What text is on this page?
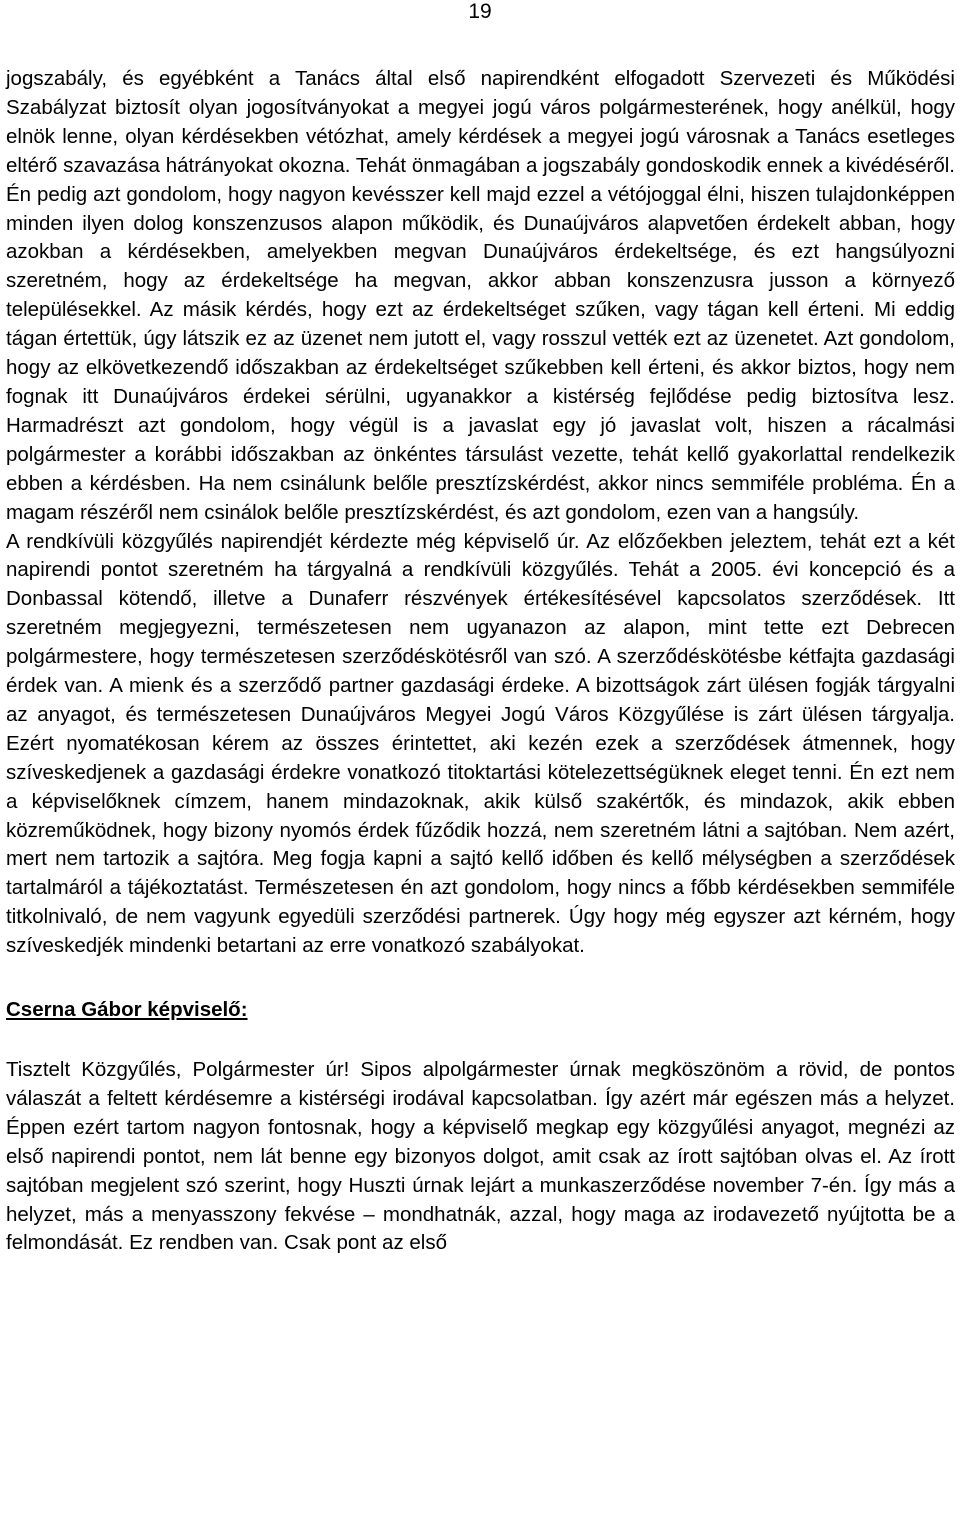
19

jogszabály, és egyébként a Tanács által első napirendként elfogadott Szervezeti és Működési Szabályzat biztosít olyan jogosítványokat a megyei jogú város polgármesterének, hogy anélkül, hogy elnök lenne, olyan kérdésekben vétózhat, amely kérdések a megyei jogú városnak a Tanács esetleges eltérő szavazása hátrányokat okozna. Tehát önmagában a jogszabály gondoskodik ennek a kivédéséről. Én pedig azt gondolom, hogy nagyon kevésszer kell majd ezzel a vétójoggal élni, hiszen tulajdonképpen minden ilyen dolog konszenzusos alapon működik, és Dunaújváros alapvetően érdekelt abban, hogy azokban a kérdésekben, amelyekben megvan Dunaújváros érdekeltsége, és ezt hangsúlyozni szeretném, hogy az érdekeltsége ha megvan, akkor abban konszenzusra jusson a környező településekkel. Az másik kérdés, hogy ezt az érdekeltséget szűken, vagy tágan kell érteni. Mi eddig tágan értettük, úgy látszik ez az üzenet nem jutott el, vagy rosszul vették ezt az üzenetet. Azt gondolom, hogy az elkövetkezendő időszakban az érdekeltséget szűkebben kell érteni, és akkor biztos, hogy nem fognak itt Dunaújváros érdekei sérülni, ugyanakkor a kistérség fejlődése pedig biztosítva lesz. Harmadrészt azt gondolom, hogy végül is a javaslat egy jó javaslat volt, hiszen a rácalmási polgármester a korábbi időszakban az önkéntes társulást vezette, tehát kellő gyakorlattal rendelkezik ebben a kérdésben. Ha nem csinálunk belőle presztízskérdést, akkor nincs semmiféle probléma. Én a magam részéről nem csinálok belőle presztízskérdést, és azt gondolom, ezen van a hangsúly.

A rendkívüli közgyűlés napirendjét kérdezte még képviselő úr. Az előzőekben jeleztem, tehát ezt a két napirendi pontot szeretném ha tárgyalná a rendkívüli közgyűlés. Tehát a 2005. évi koncepció és a Donbassal kötendő, illetve a Dunaferr részvények értékesítésével kapcsolatos szerződések. Itt szeretném megjegyezni, természetesen nem ugyanazon az alapon, mint tette ezt Debrecen polgármestere, hogy természetesen szerződéskötésről van szó. A szerződéskötésbe kétfajta gazdasági érdek van. A mienk és a szerződő partner gazdasági érdeke. A bizottságok zárt ülésen fogják tárgyalni az anyagot, és természetesen Dunaújváros Megyei Jogú Város Közgyűlése is zárt ülésen tárgyalja. Ezért nyomatékosan kérem az összes érintettet, aki kezén ezek a szerződések átmennek, hogy szíveskedjenek a gazdasági érdekre vonatkozó titoktartási kötelezettségüknek eleget tenni. Én ezt nem a képviselőknek címzem, hanem mindazoknak, akik külső szakértők, és mindazok, akik ebben közreműködnek, hogy bizony nyomós érdek fűződik hozzá, nem szeretném látni a sajtóban. Nem azért, mert nem tartozik a sajtóra. Meg fogja kapni a sajtó kellő időben és kellő mélységben a szerződések tartalmáról a tájékoztatást. Természetesen én azt gondolom, hogy nincs a főbb kérdésekben semmiféle titkolnivaló, de nem vagyunk egyedüli szerződési partnerek. Úgy hogy még egyszer azt kérném, hogy szíveskedjék mindenki betartani az erre vonatkozó szabályokat.

Cserna Gábor képviselő:

Tisztelt Közgyűlés, Polgármester úr! Sipos alpolgármester úrnak megköszönöm a rövid, de pontos válaszát a feltett kérdésemre a kistérségi irodával kapcsolatban. Így azért már egészen más a helyzet. Éppen ezért tartom nagyon fontosnak, hogy a képviselő megkap egy közgyűlési anyagot, megnézi az első napirendi pontot, nem lát benne egy bizonyos dolgot, amit csak az írott sajtóban olvas el. Az írott sajtóban megjelent szó szerint, hogy Huszti úrnak lejárt a munkaszerződése november 7-én. Így más a helyzet, más a menyasszony fekvése – mondhatnák, azzal, hogy maga az irodavezető nyújtotta be a felmondását. Ez rendben van. Csak pont az első
